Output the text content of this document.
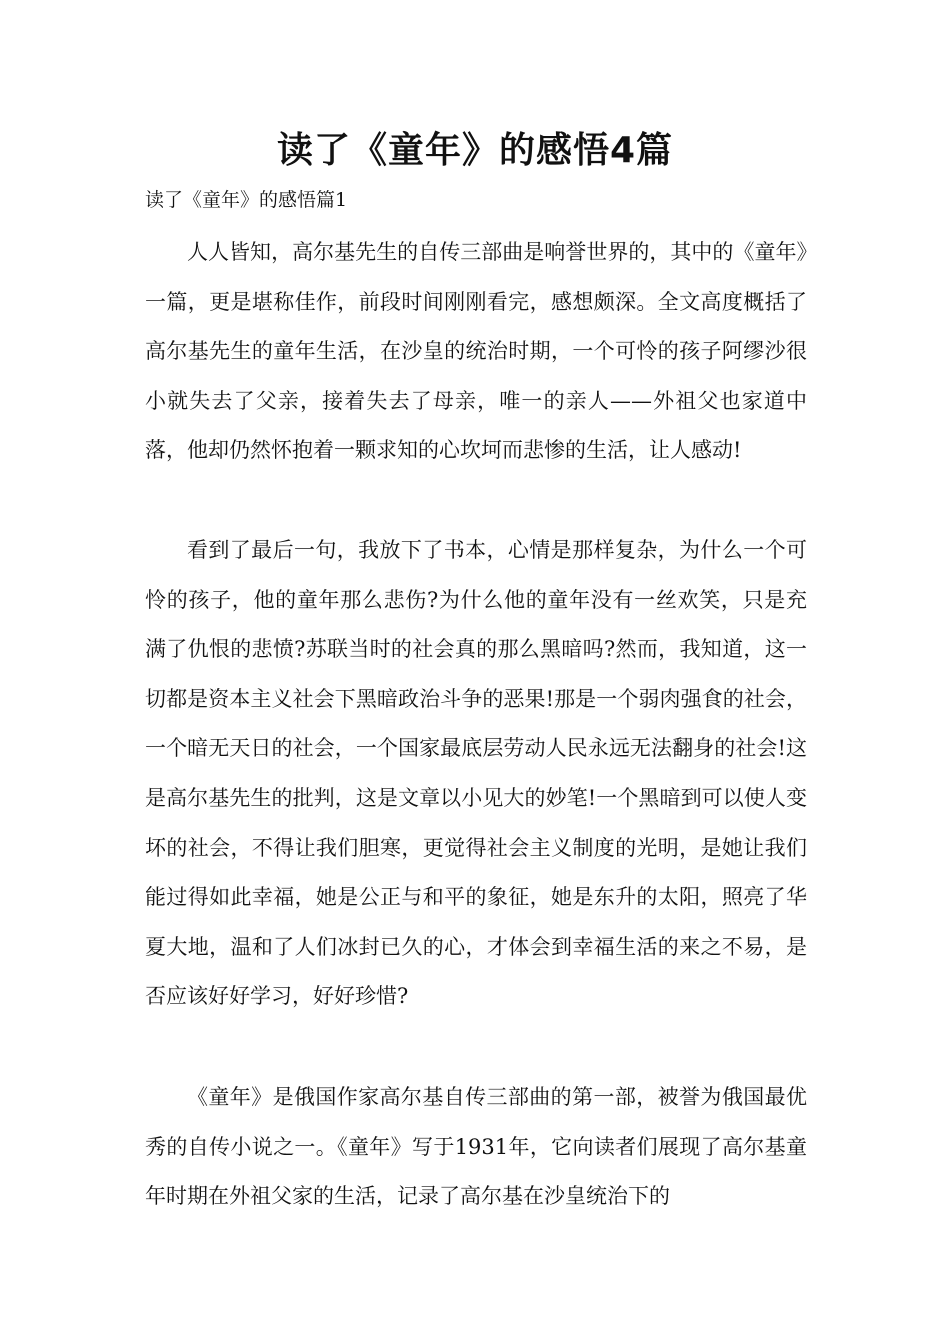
读了《童年》的感悟4篇
读了《童年》的感悟篇1

人人皆知，高尔基先生的自传三部曲是响誉世界的，其中的《童年》一篇，更是堪称佳作，前段时间刚刚看完，感想颇深。全文高度概括了高尔基先生的童年生活，在沙皇的统治时期，一个可怜的孩子阿缪沙很小就失去了父亲，接着失去了母亲，唯一的亲人——外祖父也家道中落，他却仍然怀抱着一颗求知的心坎坷而悲惨的生活，让人感动!

看到了最后一句，我放下了书本，心情是那样复杂，为什么一个可怜的孩子，他的童年那么悲伤?为什么他的童年没有一丝欢笑，只是充满了仇恨的悲愤?苏联当时的社会真的那么黑暗吗?然而，我知道，这一切都是资本主义社会下黑暗政治斗争的恶果!那是一个弱肉强食的社会，一个暗无天日的社会，一个国家最底层劳动人民永远无法翻身的社会!这是高尔基先生的批判，这是文章以小见大的妙笔!一个黑暗到可以使人变坏的社会，不得让我们胆寒，更觉得社会主义制度的光明，是她让我们能过得如此幸福，她是公正与和平的象征，她是东升的太阳，照亮了华夏大地，温和了人们冰封已久的心，才体会到幸福生活的来之不易，是否应该好好学习，好好珍惜?

《童年》是俄国作家高尔基自传三部曲的第一部，被誉为俄国最优秀的自传小说之一。《童年》写于1931年，它向读者们展现了高尔基童年时期在外祖父家的生活，记录了高尔基在沙皇统治下的
